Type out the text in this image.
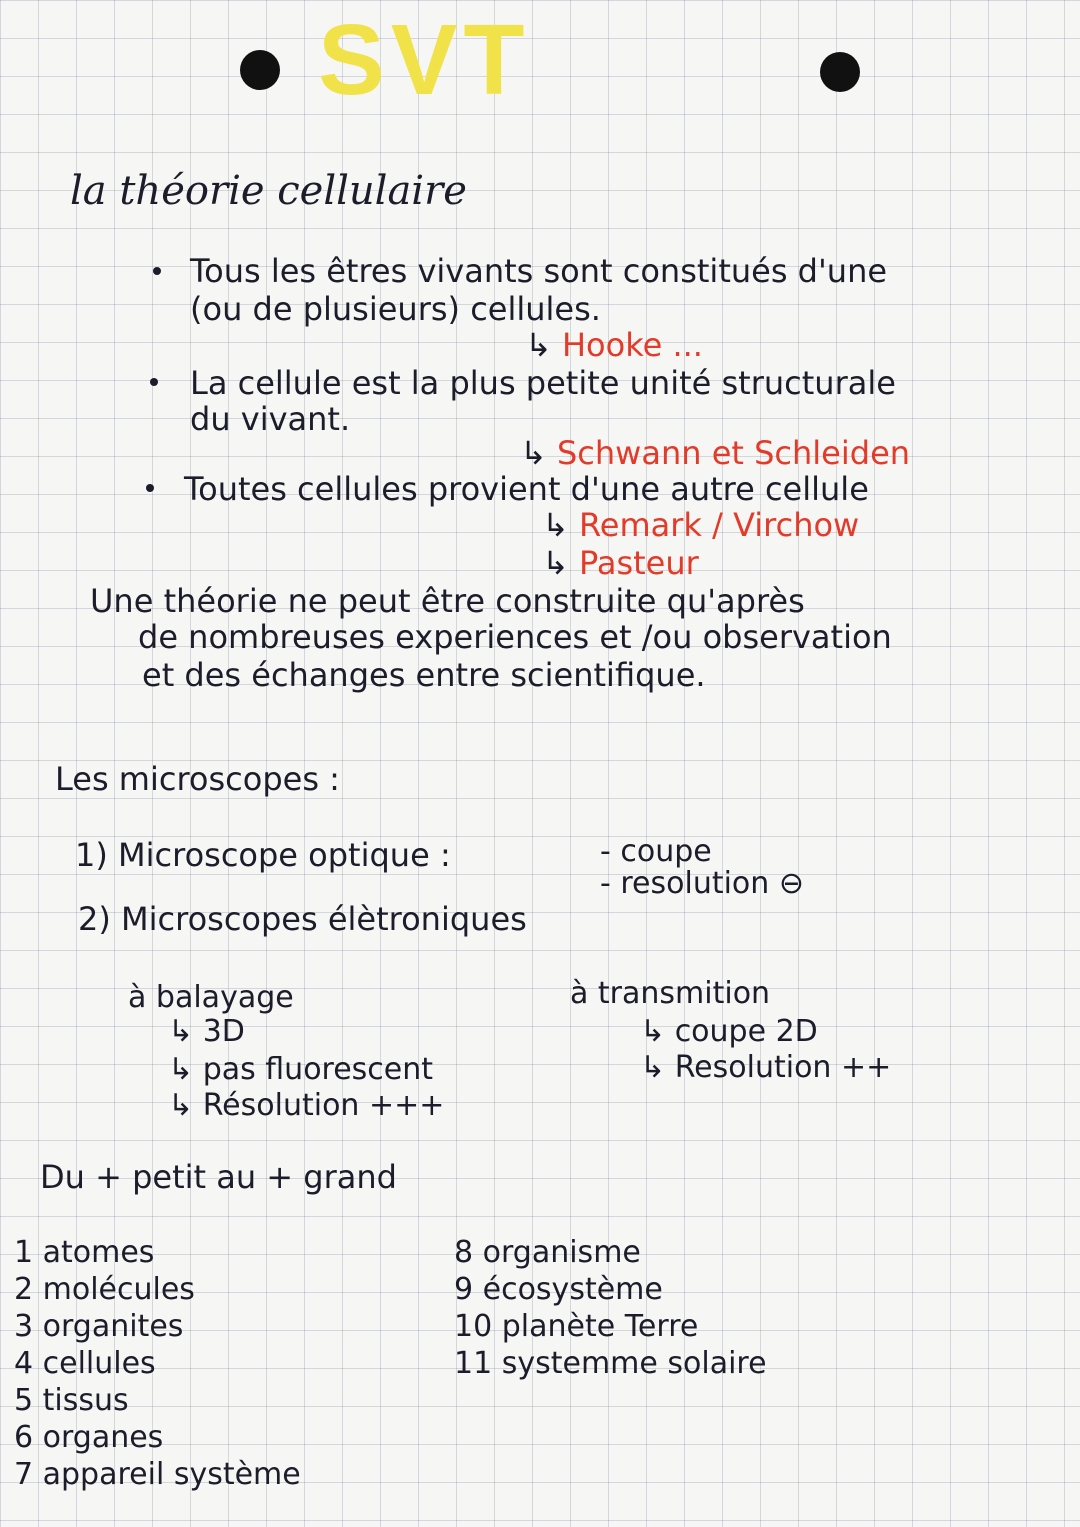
SVT
la théorie cellulaire
Tous les êtres vivants sont constitués d'une
(ou de plusieurs) cellules.
↳ Hooke ...
La cellule est la plus petite unité structurale
du vivant.
↳ Schwann et Schleiden
Toutes cellules provient d'une autre cellule
↳ Remark / Virchow
↳ Pasteur
Une théorie ne peut être construite qu'après
de nombreuses experiences et /ou observation
et des échanges entre scientifique.
Les microscopes :
1) Microscope optique :	- coupe
- resolution ⊖
2) Microscopes élètroniques
à balayage
↳ 3D
↳ pas fluorescent
↳ Résolution +++
à transmition
↳ coupe 2D
↳ Resolution ++
Du + petit au + grand
1 atomes
2 molécules
3 organites
4 cellules
5 tissus
6 organes
7 appareil système
8 organisme
9 écosystème
10 planète Terre
11 systemme solaire
